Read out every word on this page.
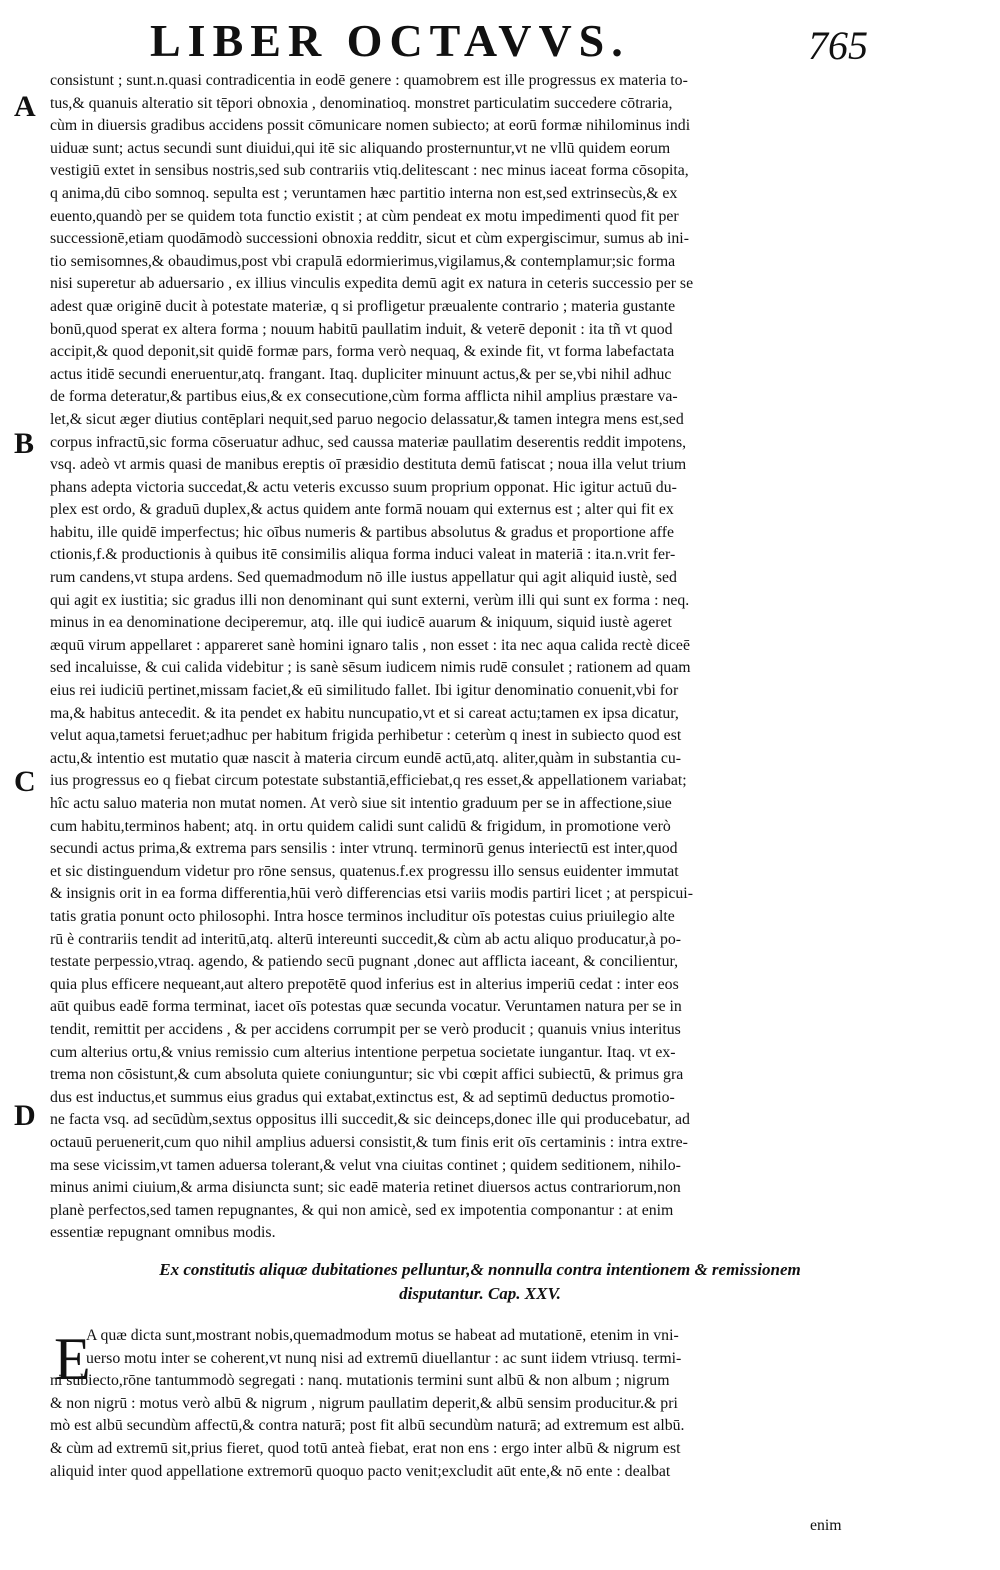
LIBER OCTAVVS.	765
A
B
C
D
consistunt ; sunt.n.quasi contradicentia in eodē genere : quamobrem est ille progressus ex materia to-
tus,& quanuis alteratio sit tēpori obnoxia , denominatioq. monstret particulatim succedere cōtraria,
cùm in diuersis gradibus accidens possit cōmunicare nomen subiecto; at eorū formæ nihilominus indi
uiduæ sunt; actus secundi sunt diuidui,qui itē sic aliquando prosternuntur,vt ne vllū quidem eorum
vestigiū extet in sensibus nostris,sed sub contrariis vtiq.delitescant : nec minus iaceat forma cōsopita,
q anima,dū cibo somnoq. sepulta est ; veruntamen hæc partitio interna non est,sed extrinsecùs,& ex
euento,quandò per se quidem tota functio existit ; at cùm pendeat ex motu impedimenti quod fit per
successionē,etiam quodāmodò successioni obnoxia redditr, sicut et cùm expergiscimur, sumus ab ini-
tio semisomnes,& obaudimus,post vbi crapulā edormierimus,vigilamus,& contemplamur;sic forma
nisi superetur ab aduersario , ex illius vinculis expedita demū agit ex natura in ceteris successio per se
adest quæ originē ducit à potestate materiæ, q si profligetur præualente contrario ; materia gustante
bonū,quod sperat ex altera forma ; nouum habitū paullatim induit, & veterē deponit : ita tñ vt quod
accipit,& quod deponit,sit quidē formæ pars, forma verò nequaq, & exinde fit, vt forma labefactata
actus itidē secundi eneruentur,atq. frangant. Itaq. dupliciter minuunt actus,& per se,vbi nihil adhuc
de forma deteratur,& partibus eius,& ex consecutione,cùm forma afflicta nihil amplius præstare va-
let,& sicut æger diutius contēplari nequit,sed paruo negocio delassatur,& tamen integra mens est,sed
corpus infractū,sic forma cōseruatur adhuc, sed caussa materiæ paullatim deserentis reddit impotens,
vsq. adeò vt armis quasi de manibus ereptis oī præsidio destituta demū fatiscat ; noua illa velut trium
phans adepta victoria succedat,& actu veteris excusso suum proprium opponat. Hic igitur actuū du-
plex est ordo, & graduū duplex,& actus quidem ante formā nouam qui externus est ; alter qui fit ex
habitu, ille quidē imperfectus; hic oībus numeris & partibus absolutus & gradus et proportione affe
ctionis,f.& productionis à quibus itē consimilis aliqua forma induci valeat in materiā : ita.n.vrit fer-
rum candens,vt stupa ardens. Sed quemadmodum nō ille iustus appellatur qui agit aliquid iustè, sed
qui agit ex iustitia; sic gradus illi non denominant qui sunt externi, verùm illi qui sunt ex forma : neq.
minus in ea denominatione deciperemur, atq. ille qui iudicē auarum & iniquum, siquid iustè ageret
æquū virum appellaret : appareret sanè homini ignaro talis , non esset : ita nec aqua calida rectè diceē
sed incaluisse, & cui calida videbitur ; is sanè sēsum iudicem nimis rudē consulet ; rationem ad quam
eius rei iudiciū pertinet,missam faciet,& eū similitudo fallet. Ibi igitur denominatio conuenit,vbi for
ma,& habitus antecedit. & ita pendet ex habitu nuncupatio,vt et si careat actu;tamen ex ipsa dicatur,
velut aqua,tametsi feruet;adhuc per habitum frigida perhibetur : ceterùm q inest in subiecto quod est
actu,& intentio est mutatio quæ nascit à materia circum eundē actū,atq. aliter,quàm in substantia cu-
ius progressus eo q fiebat circum potestate substantiā,efficiebat,q res esset,& appellationem variabat;
hîc actu saluo materia non mutat nomen. At verò siue sit intentio graduum per se in affectione,siue
cum habitu,terminos habent; atq. in ortu quidem calidi sunt calidū & frigidum, in promotione verò
secundi actus prima,& extrema pars sensilis : inter vtrunq. terminorū genus interiectū est inter,quod
et sic distinguendum videtur pro rōne sensus, quatenus.f.ex progressu illo sensus euidenter immutat
& insignis orit in ea forma differentia,hūi verò differencias etsi variis modis partiri licet ; at perspicui-
tatis gratia ponunt octo philosophi. Intra hosce terminos includitur oīs potestas cuius priuilegio alte
rū è contrariis tendit ad interitū,atq. alterū intereunti succedit,& cùm ab actu aliquo producatur,à po-
testate perpessio,vtraq. agendo, & patiendo secū pugnant ,donec aut afflicta iaceant, & concilientur,
quia plus efficere nequeant,aut altero prepotētē quod inferius est in alterius imperiū cedat : inter eos
aūt quibus eadē forma terminat, iacet oīs potestas quæ secunda vocatur. Veruntamen natura per se in
tendit, remittit per accidens , & per accidens corrumpit per se verò producit ; quanuis vnius interitus
cum alterius ortu,& vnius remissio cum alterius intentione perpetua societate iungantur. Itaq. vt ex-
trema non cōsistunt,& cum absoluta quiete coniunguntur; sic vbi cœpit affici subiectū, & primus gra
dus est inductus,et summus eius gradus qui extabat,extinctus est, & ad septimū deductus promotio-
ne facta vsq. ad secūdùm,sextus oppositus illi succedit,& sic deinceps,donec ille qui producebatur, ad
octauū peruenerit,cum quo nihil amplius aduersi consistit,& tum finis erit oīs certaminis : intra extre-
ma sese vicissim,vt tamen aduersa tolerant,& velut vna ciuitas continet ; quidem seditionem, nihilo-
minus animi ciuium,& arma disiuncta sunt; sic eadē materia retinet diuersos actus contrariorum,non
planè perfectos,sed tamen repugnantes, & qui non amicè, sed ex impotentia componantur : at enim
essentiæ repugnant omnibus modis.
Ex constitutis aliquæ dubitationes pelluntur,& nonnulla contra intentionem & remissionem
disputantur. Cap. XXV.
E
A quæ dicta sunt,mostrant nobis,quemadmodum motus se habeat ad mutationē, etenim in vni-
uerso motu inter se coherent,vt nunq nisi ad extremū diuellantur : ac sunt iidem vtriusq. termi-
ni subiecto,rōne tantummodò segregati : nanq. mutationis termini sunt albū & non album ; nigrum
& non nigrū : motus verò albū & nigrum , nigrum paullatim deperit,& albū sensim producitur.& pri
mò est albū secundùm affectū,& contra naturā; post fit albū secundùm naturā; ad extremum est albū.
& cùm ad extremū sit,prius fieret, quod totū anteà fiebat, erat non ens : ergo inter albū & nigrum est
aliquid inter quod appellatione extremorū quoquo pacto venit;excludit aūt ente,& nō ente : dealbat
enim
